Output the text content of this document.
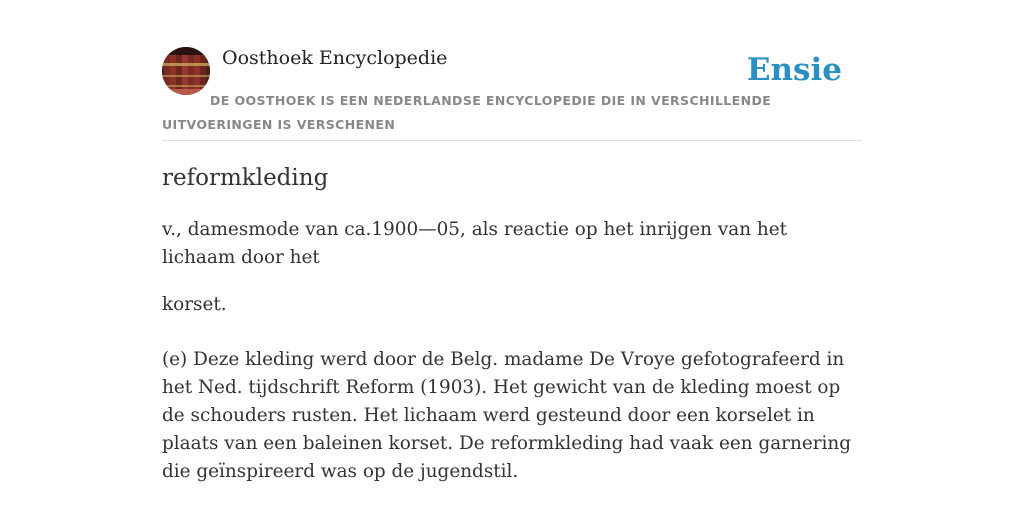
Oosthoek Encyclopedie	Ensie
DE OOSTHOEK IS EEN NEDERLANDSE ENCYCLOPEDIE DIE IN VERSCHILLENDE UITVOERINGEN IS VERSCHENEN
reformkleding

v., damesmode van ca.1900—05, als reactie op het inrijgen van het lichaam door het

korset.

(e) Deze kleding werd door de Belg. madame De Vroye gefotografeerd in het Ned. tijdschrift Reform (1903). Het gewicht van de kleding moest op de schouders rusten. Het lichaam werd gesteund door een korselet in plaats van een baleinen korset. De reformkleding had vaak een garnering die geïnspireerd was op de jugendstil.
